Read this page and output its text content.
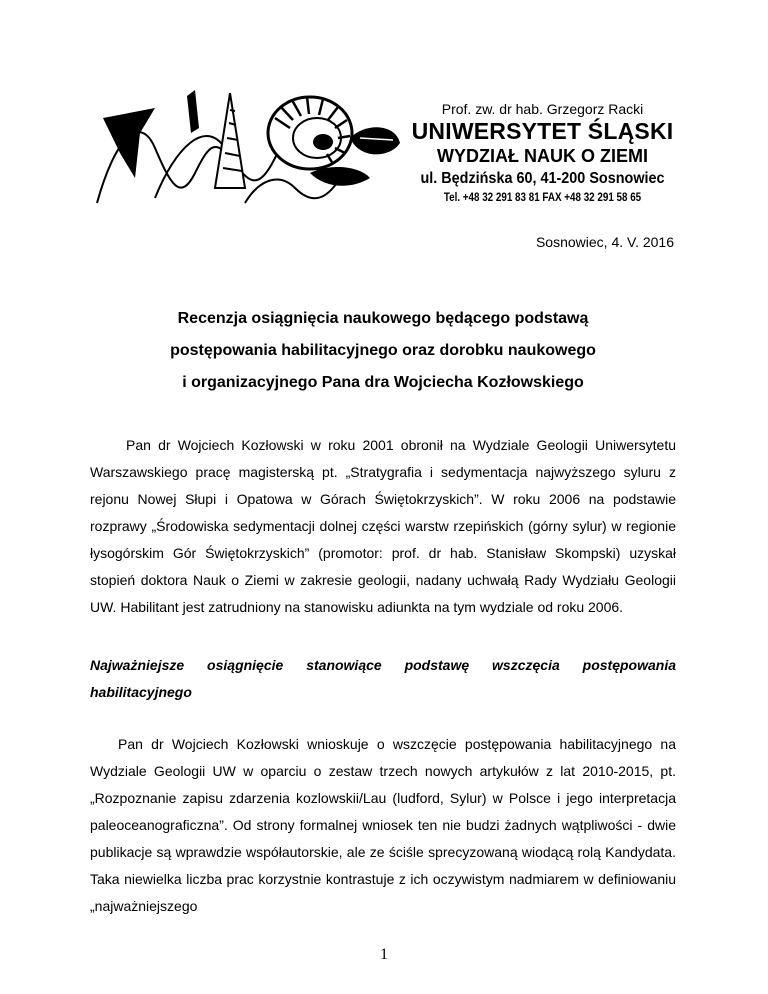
Prof. zw. dr hab. Grzegorz Racki
UNIWERSYTET ŚLĄSKI
WYDZIAŁ NAUK O ZIEMI
ul. Będzińska 60, 41-200 Sosnowiec
Tel. +48 32 291 83 81 FAX +48 32 291 58 65
Sosnowiec, 4. V. 2016
Recenzja osiągnięcia naukowego będącego podstawą
postępowania habilitacyjnego oraz dorobku naukowego
i organizacyjnego Pana dra Wojciecha Kozłowskiego

Pan dr Wojciech Kozłowski w roku 2001 obronił na Wydziale Geologii Uniwersytetu Warszawskiego pracę magisterską pt. „Stratygrafia i sedymentacja najwyższego syluru z rejonu Nowej Słupi i Opatowa w Górach Świętokrzyskich”. W roku 2006 na podstawie rozprawy „Środowiska sedymentacji dolnej części warstw rzepińskich (górny sylur) w regionie łysogórskim Gór Świętokrzyskich” (promotor: prof. dr hab. Stanisław Skompski) uzyskał stopień doktora Nauk o Ziemi w zakresie geologii, nadany uchwałą Rady Wydziału Geologii UW. Habilitant jest zatrudniony na stanowisku adiunkta na tym wydziale od roku 2006.

Najważniejsze osiągnięcie stanowiące podstawę wszczęcia postępowania habilitacyjnego

Pan dr Wojciech Kozłowski wnioskuje o wszczęcie postępowania habilitacyjnego na Wydziale Geologii UW w oparciu o zestaw trzech nowych artykułów z lat 2010-2015, pt. „Rozpoznanie zapisu zdarzenia kozlowskii/Lau (ludford, Sylur) w Polsce i jego interpretacja paleoceanograficzna”. Od strony formalnej wniosek ten nie budzi żadnych wątpliwości - dwie publikacje są wprawdzie współautorskie, ale ze ściśle sprecyzowaną wiodącą rolą Kandydata. Taka niewielka liczba prac korzystnie kontrastuje z ich oczywistym nadmiarem w definiowaniu „najważniejszego

1
